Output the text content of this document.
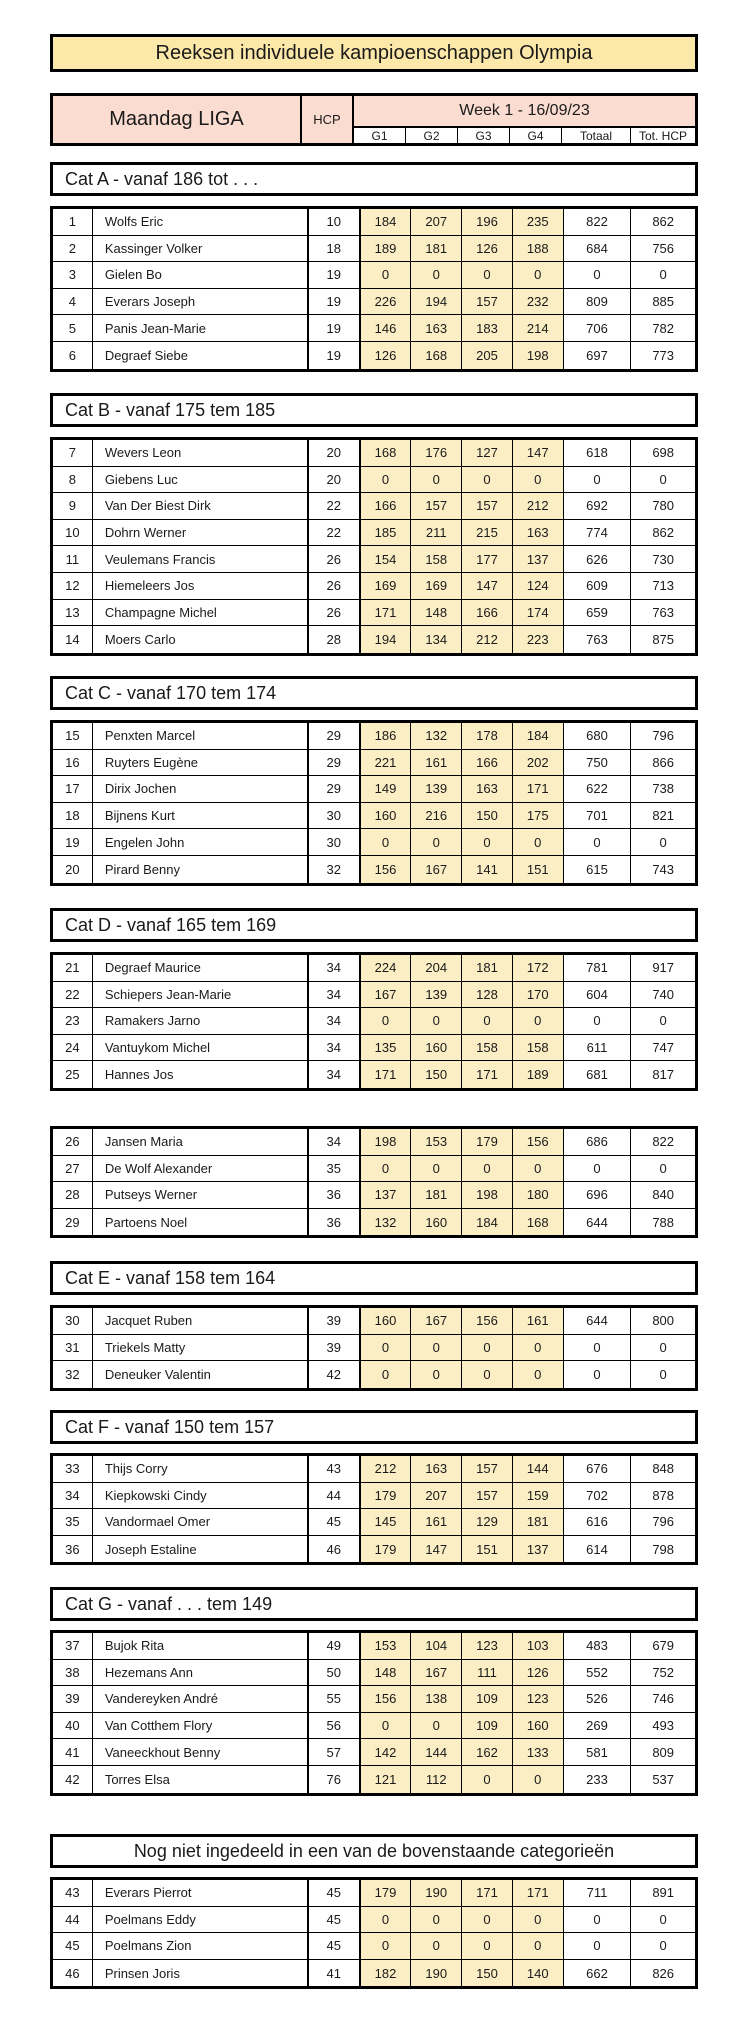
Reeksen individuele kampioenschappen Olympia
Maandag LIGA	HCP
Week 1 - 16/09/23
G1	G2	G3	G4	Totaal	Tot. HCP
Cat A - vanaf 186 tot . . .
1	Wolfs Eric	10	184	207	196	235	822	862
2	Kassinger Volker	18	189	181	126	188	684	756
3	Gielen Bo	19	0	0	0	0	0	0
4	Everars Joseph	19	226	194	157	232	809	885
5	Panis Jean-Marie	19	146	163	183	214	706	782
6	Degraef Siebe	19	126	168	205	198	697	773
Cat B - vanaf 175 tem 185
7	Wevers Leon	20	168	176	127	147	618	698
8	Giebens Luc	20	0	0	0	0	0	0
9	Van Der Biest Dirk	22	166	157	157	212	692	780
10	Dohrn Werner	22	185	211	215	163	774	862
11	Veulemans Francis	26	154	158	177	137	626	730
12	Hiemeleers Jos	26	169	169	147	124	609	713
13	Champagne Michel	26	171	148	166	174	659	763
14	Moers Carlo	28	194	134	212	223	763	875
Cat C - vanaf 170 tem 174
15	Penxten Marcel	29	186	132	178	184	680	796
16	Ruyters Eugène	29	221	161	166	202	750	866
17	Dirix Jochen	29	149	139	163	171	622	738
18	Bijnens Kurt	30	160	216	150	175	701	821
19	Engelen John	30	0	0	0	0	0	0
20	Pirard Benny	32	156	167	141	151	615	743
Cat D - vanaf 165 tem 169
21	Degraef Maurice	34	224	204	181	172	781	917
22	Schiepers Jean-Marie	34	167	139	128	170	604	740
23	Ramakers Jarno	34	0	0	0	0	0	0
24	Vantuykom Michel	34	135	160	158	158	611	747
25	Hannes Jos	34	171	150	171	189	681	817
26	Jansen Maria	34	198	153	179	156	686	822
27	De Wolf Alexander	35	0	0	0	0	0	0
28	Putseys Werner	36	137	181	198	180	696	840
29	Partoens Noel	36	132	160	184	168	644	788
Cat E - vanaf 158 tem 164
30	Jacquet Ruben	39	160	167	156	161	644	800
31	Triekels Matty	39	0	0	0	0	0	0
32	Deneuker Valentin	42	0	0	0	0	0	0
Cat F - vanaf 150 tem 157
33	Thijs Corry	43	212	163	157	144	676	848
34	Kiepkowski Cindy	44	179	207	157	159	702	878
35	Vandormael Omer	45	145	161	129	181	616	796
36	Joseph Estaline	46	179	147	151	137	614	798
Cat G - vanaf . . . tem 149
37	Bujok Rita	49	153	104	123	103	483	679
38	Hezemans Ann	50	148	167	111	126	552	752
39	Vandereyken André	55	156	138	109	123	526	746
40	Van Cotthem Flory	56	0	0	109	160	269	493
41	Vaneeckhout Benny	57	142	144	162	133	581	809
42	Torres Elsa	76	121	112	0	0	233	537
Nog niet ingedeeld in een van de bovenstaande categorieën
43	Everars Pierrot	45	179	190	171	171	711	891
44	Poelmans Eddy	45	0	0	0	0	0	0
45	Poelmans Zion	45	0	0	0	0	0	0
46	Prinsen Joris	41	182	190	150	140	662	826
